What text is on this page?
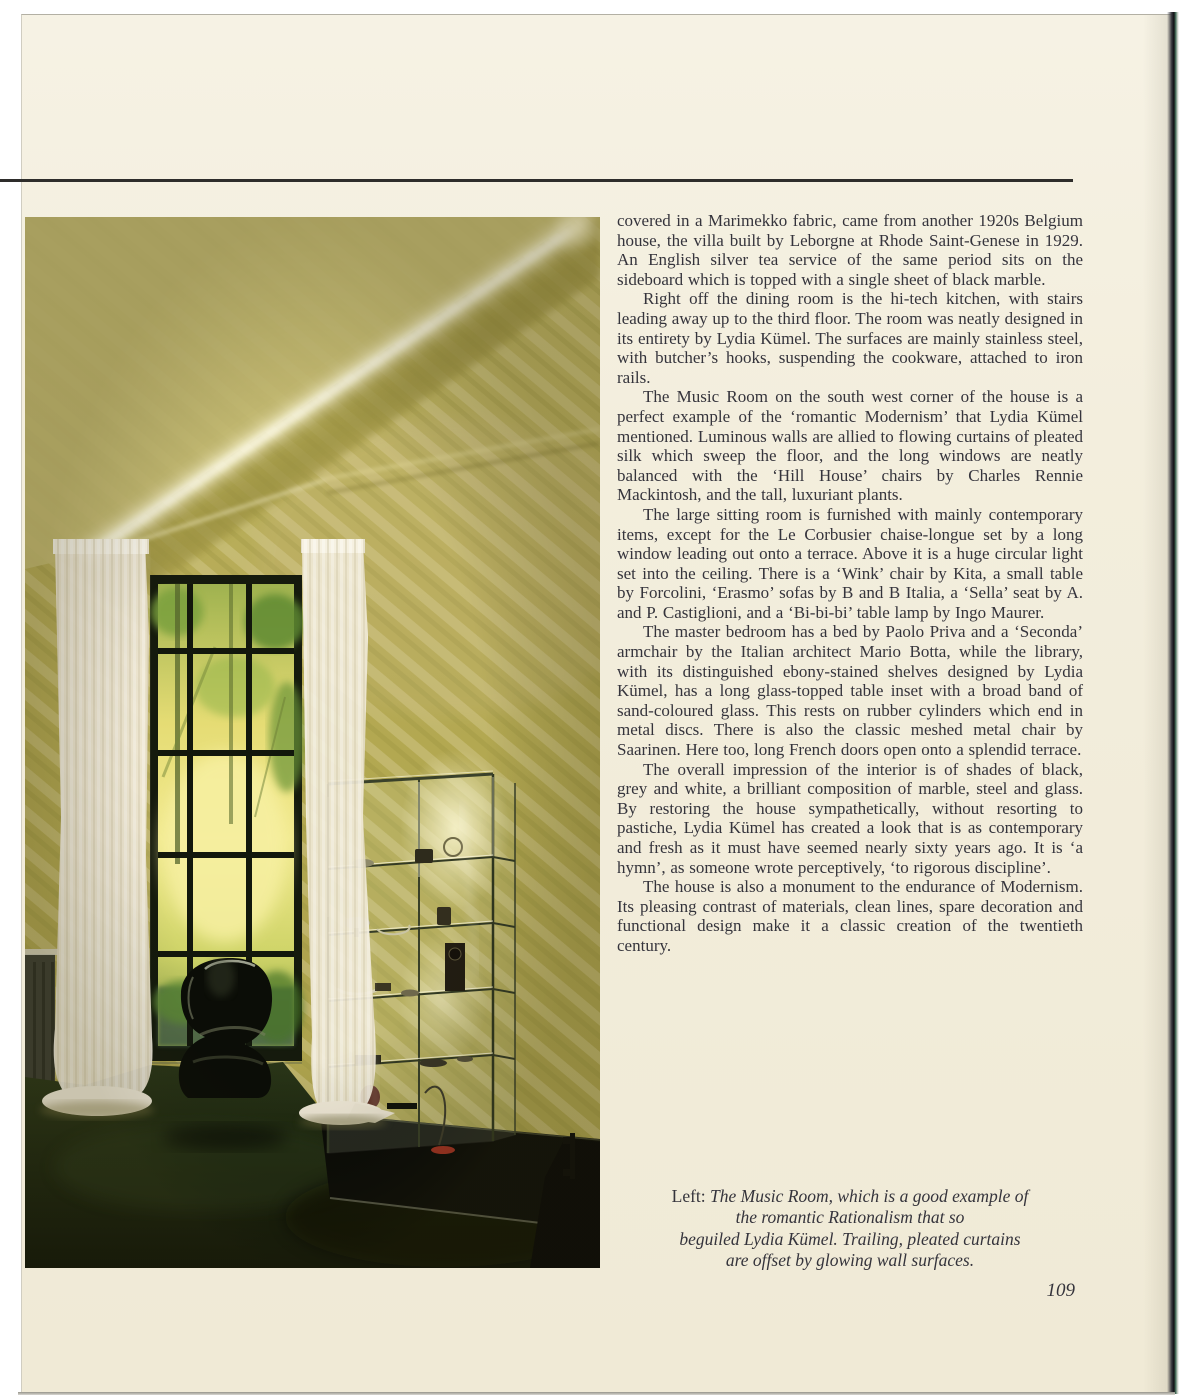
covered in a Marimekko fabric, came from another 1920s Belgium house, the villa built by Leborgne at Rhode Saint-Genese in 1929. An English silver tea service of the same period sits on the sideboard which is topped with a single sheet of black marble.

Right off the dining room is the hi-tech kitchen, with stairs leading away up to the third floor. The room was neatly designed in its entirety by Lydia Kümel. The surfaces are mainly stainless steel, with butcher’s hooks, suspending the cookware, attached to iron rails.

The Music Room on the south west corner of the house is a perfect example of the ‘romantic Modernism’ that Lydia Kümel mentioned. Luminous walls are allied to flowing curtains of pleated silk which sweep the floor, and the long windows are neatly balanced with the ‘Hill House’ chairs by Charles Rennie Mackintosh, and the tall, luxuriant plants.

The large sitting room is furnished with mainly contemporary items, except for the Le Corbusier chaise-longue set by a long window leading out onto a terrace. Above it is a huge circular light set into the ceiling. There is a ‘Wink’ chair by Kita, a small table by Forcolini, ‘Erasmo’ sofas by B and B Italia, a ‘Sella’ seat by A. and P. Castiglioni, and a ‘Bi-bi-bi’ table lamp by Ingo Maurer.

The master bedroom has a bed by Paolo Priva and a ‘Seconda’ armchair by the Italian architect Mario Botta, while the library, with its distinguished ebony-stained shelves designed by Lydia Kümel, has a long glass-topped table inset with a broad band of sand-coloured glass. This rests on rubber cylinders which end in metal discs. There is also the classic meshed metal chair by Saarinen. Here too, long French doors open onto a splendid terrace.

The overall impression of the interior is of shades of black, grey and white, a brilliant composition of marble, steel and glass. By restoring the house sympathetically, without resorting to pastiche, Lydia Kümel has created a look that is as contemporary and fresh as it must have seemed nearly sixty years ago. It is ‘a hymn’, as someone wrote perceptively, ‘to rigorous discipline’.

The house is also a monument to the endurance of Modernism. Its pleasing contrast of materials, clean lines, spare decoration and functional design make it a classic creation of the twentieth century.

Left: The Music Room, which is a good example of
the romantic Rationalism that so
beguiled Lydia Kümel. Trailing, pleated curtains
are offset by glowing wall surfaces.
109
